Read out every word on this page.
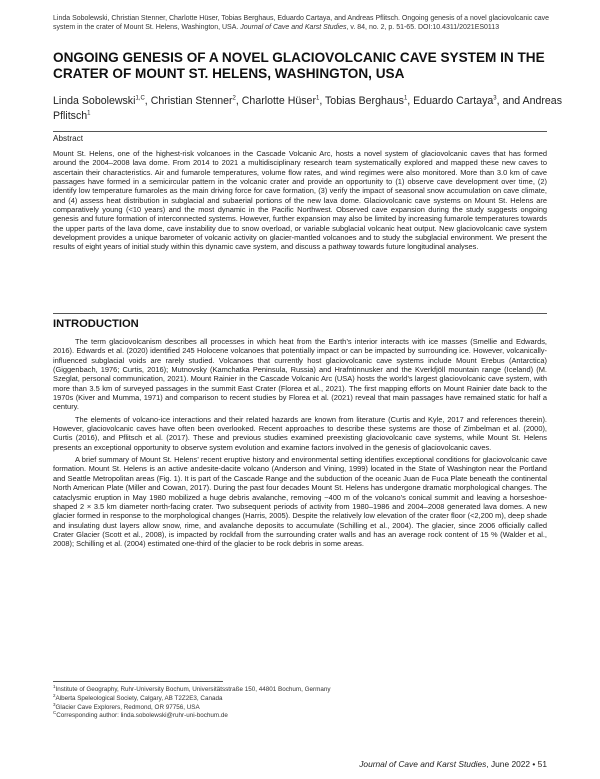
Linda Sobolewski, Christian Stenner, Charlotte Hüser, Tobias Berghaus, Eduardo Cartaya, and Andreas Pflitsch. Ongoing genesis of a novel glaciovolcanic cave system in the crater of Mount St. Helens, Washington, USA. Journal of Cave and Karst Studies, v. 84, no. 2, p. 51-65. DOI:10.4311/2021ES0113
ONGOING GENESIS OF A NOVEL GLACIOVOLCANIC CAVE SYSTEM IN THE CRATER OF MOUNT ST. HELENS, WASHINGTON, USA
Linda Sobolewski$^{1,C}$, Christian Stenner$^2$, Charlotte Hüser$^1$, Tobias Berghaus$^1$, Eduardo Cartaya$^3$, and Andreas Pflitsch$^1$
Abstract

Mount St. Helens, one of the highest-risk volcanoes in the Cascade Volcanic Arc, hosts a novel system of glaciovolcanic caves that has formed around the 2004–2008 lava dome. From 2014 to 2021 a multidisciplinary research team systematically explored and mapped these new caves to ascertain their characteristics. Air and fumarole temperatures, volume flow rates, and wind regimes were also monitored. More than 3.0 km of cave passages have formed in a semicircular pattern in the volcanic crater and provide an opportunity to (1) observe cave development over time, (2) identify low temperature fumaroles as the main driving force for cave formation, (3) verify the impact of seasonal snow accumulation on cave climate, and (4) assess heat distribution in subglacial and subaerial portions of the new lava dome. Glaciovolcanic cave systems on Mount St. Helens are comparatively young (<10 years) and the most dynamic in the Pacific Northwest. Observed cave expansion during the study suggests ongoing genesis and future formation of interconnected systems. However, further expansion may also be limited by increasing fumarole temperatures towards the upper parts of the lava dome, cave instability due to snow overload, or variable subglacial volcanic heat output. New glaciovolcanic cave system development provides a unique barometer of volcanic activity on glacier-mantled volcanoes and to study the subglacial environment. We present the results of eight years of initial study within this dynamic cave system, and discuss a pathway towards future longitudinal analyses.

INTRODUCTION

The term glaciovolcanism describes all processes in which heat from the Earth’s interior interacts with ice masses (Smellie and Edwards, 2016). Edwards et al. (2020) identified 245 Holocene volcanoes that potentially impact or can be impacted by surrounding ice. However, volcanically-influenced subglacial voids are rarely studied. Volcanoes that currently host glaciovolcanic cave systems include Mount Erebus (Antarctica) (Giggenbach, 1976; Curtis, 2016); Mutnovsky (Kamchatka Peninsula, Russia) and Hrafntinnusker and the Kverkfjöll mountain range (Iceland) (M. Szeglat, personal communication, 2021). Mount Rainier in the Cascade Volcanic Arc (USA) hosts the world’s largest glaciovolcanic cave system, with more than 3.5 km of surveyed passages in the summit East Crater (Florea et al., 2021). The first mapping efforts on Mount Rainier date back to the 1970s (Kiver and Mumma, 1971) and comparison to recent studies by Florea et al. (2021) reveal that main passages have remained static for half a century.

The elements of volcano-ice interactions and their related hazards are known from literature (Curtis and Kyle, 2017 and references therein). However, glaciovolcanic caves have often been overlooked. Recent approaches to describe these systems are those of Zimbelman et al. (2000), Curtis (2016), and Pflitsch et al. (2017). These and previous studies examined preexisting glaciovolcanic cave systems, while Mount St. Helens presents an exceptional opportunity to observe system evolution and examine factors involved in the genesis of glaciovolcanic caves.

A brief summary of Mount St. Helens’ recent eruptive history and environmental setting identifies exceptional conditions for glaciovolcanic cave formation. Mount St. Helens is an active andesite-dacite volcano (Anderson and Vining, 1999) located in the State of Washington near the Portland and Seattle Metropolitan areas (Fig. 1). It is part of the Cascade Range and the subduction of the oceanic Juan de Fuca Plate beneath the continental North American Plate (Miller and Cowan, 2017). During the past four decades Mount St. Helens has undergone dramatic morphological changes. The cataclysmic eruption in May 1980 mobilized a huge debris avalanche, removing ~400 m of the volcano’s conical summit and leaving a horseshoe-shaped 2 × 3.5 km diameter north-facing crater. Two subsequent periods of activity from 1980–1986 and 2004–2008 generated lava domes. A new glacier formed in response to the morphological changes (Harris, 2005). Despite the relatively low elevation of the crater floor (<2,200 m), deep shade and insulating dust layers allow snow, rime, and avalanche deposits to accumulate (Schilling et al., 2004). The glacier, since 2006 officially called Crater Glacier (Scott et al., 2008), is impacted by rockfall from the surrounding crater walls and has an average rock content of 15 % (Walder et al., 2008); Schilling et al. (2004) estimated one-third of the glacier to be rock debris in some areas.

$^1$Institute of Geography, Ruhr-University Bochum, Universitätsstraße 150, 44801 Bochum, Germany
$^2$Alberta Speleological Society, Calgary, AB T2Z2E3, Canada
$^3$Glacier Cave Explorers, Redmond, OR 97756, USA
$^C$Corresponding author: linda.sobolewski@ruhr-uni-bochum.de
Journal of Cave and Karst Studies, June 2022 • 51
